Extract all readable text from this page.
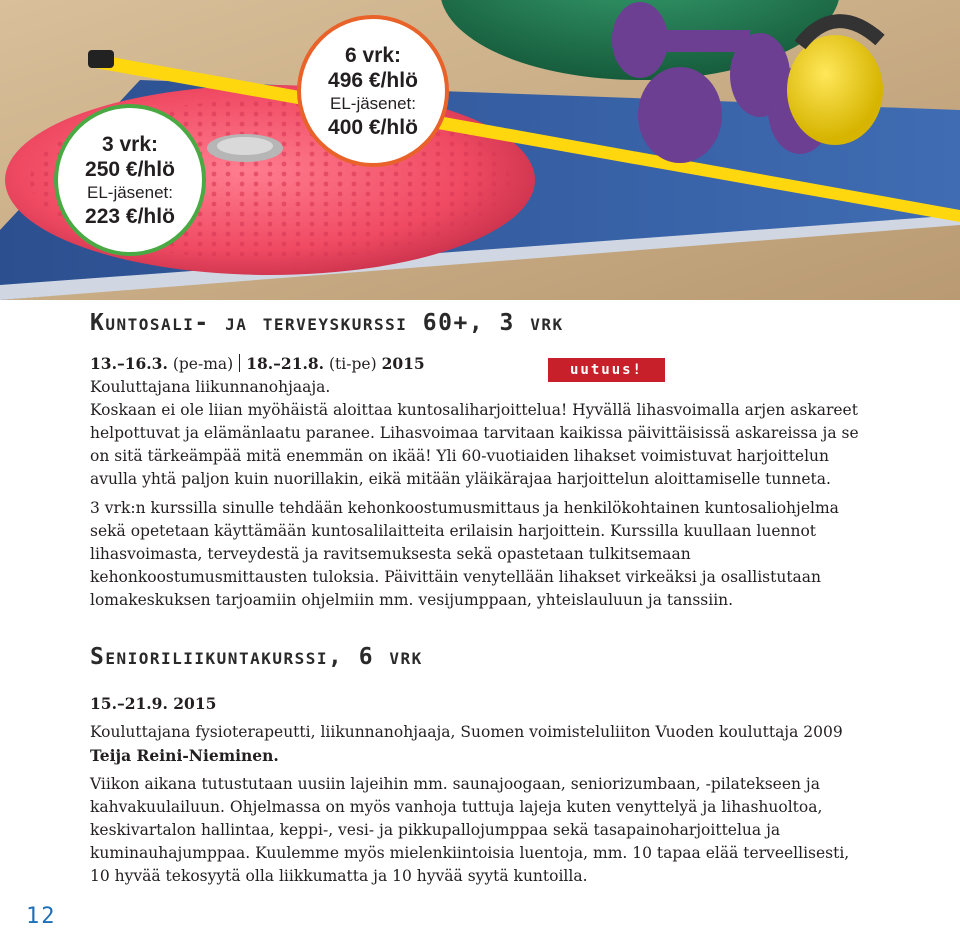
3 vrk:
250 €/hlö
EL-jäsenet:
223 €/hlö
6 vrk:
496 €/hlö
EL-jäsenet:
400 €/hlö
Kuntosali- ja terveyskurssi 60+, 3 vrk
13.–16.3. (pe-ma) 18.–21.8. (ti-pe) 2015

Kouluttajana liikunnanohjaaja.

Koskaan ei ole liian myöhäistä aloittaa kuntosaliharjoittelua! Hyvällä lihasvoimalla arjen askareet helpottuvat ja elämänlaatu paranee. Lihasvoimaa tarvitaan kaikissa päivittäisissä askareissa ja se on sitä tärkeämpää mitä enemmän on ikää! Yli 60-vuotiaiden lihakset voimistuvat harjoittelun avulla yhtä paljon kuin nuorillakin, eikä mitään yläikärajaa harjoittelun aloittamiselle tunneta.

3 vrk:n kurssilla sinulle tehdään kehonkoostumusmittaus ja henkilökohtainen kuntosaliohjelma sekä opetetaan käyttämään kuntosalilaitteita erilaisin harjoittein. Kurssilla kuullaan luennot lihasvoimasta, terveydestä ja ravitsemuksesta sekä opastetaan tulkitsemaan kehonkoostumusmittausten tuloksia. Päivittäin venytellään lihakset virkeäksi ja osallistutaan lomakeskuksen tarjoamiin ohjelmiin mm. vesijumppaan, yhteislauluun ja tanssiin.

uutuus!
Senioriliikuntakurssi, 6 vrk

15.–21.9. 2015

Kouluttajana fysioterapeutti, liikunnanohjaaja, Suomen voimisteluliiton Vuoden kouluttaja 2009

Teija Reini-Nieminen.

Viikon aikana tutustutaan uusiin lajeihin mm. saunajoogaan, seniorizumbaan, -pilatekseen ja kahvakuulailuun. Ohjelmassa on myös vanhoja tuttuja lajeja kuten venyttelyä ja lihashuoltoa, keskivartalon hallintaa, keppi-, vesi- ja pikkupallojumppaa sekä tasapainoharjoittelua ja kuminauhajumppaa. Kuulemme myös mielenkiintoisia luentoja, mm. 10 tapaa elää terveellisesti, 10 hyvää tekosyytä olla liikkumatta ja 10 hyvää syytä kuntoilla.

12
